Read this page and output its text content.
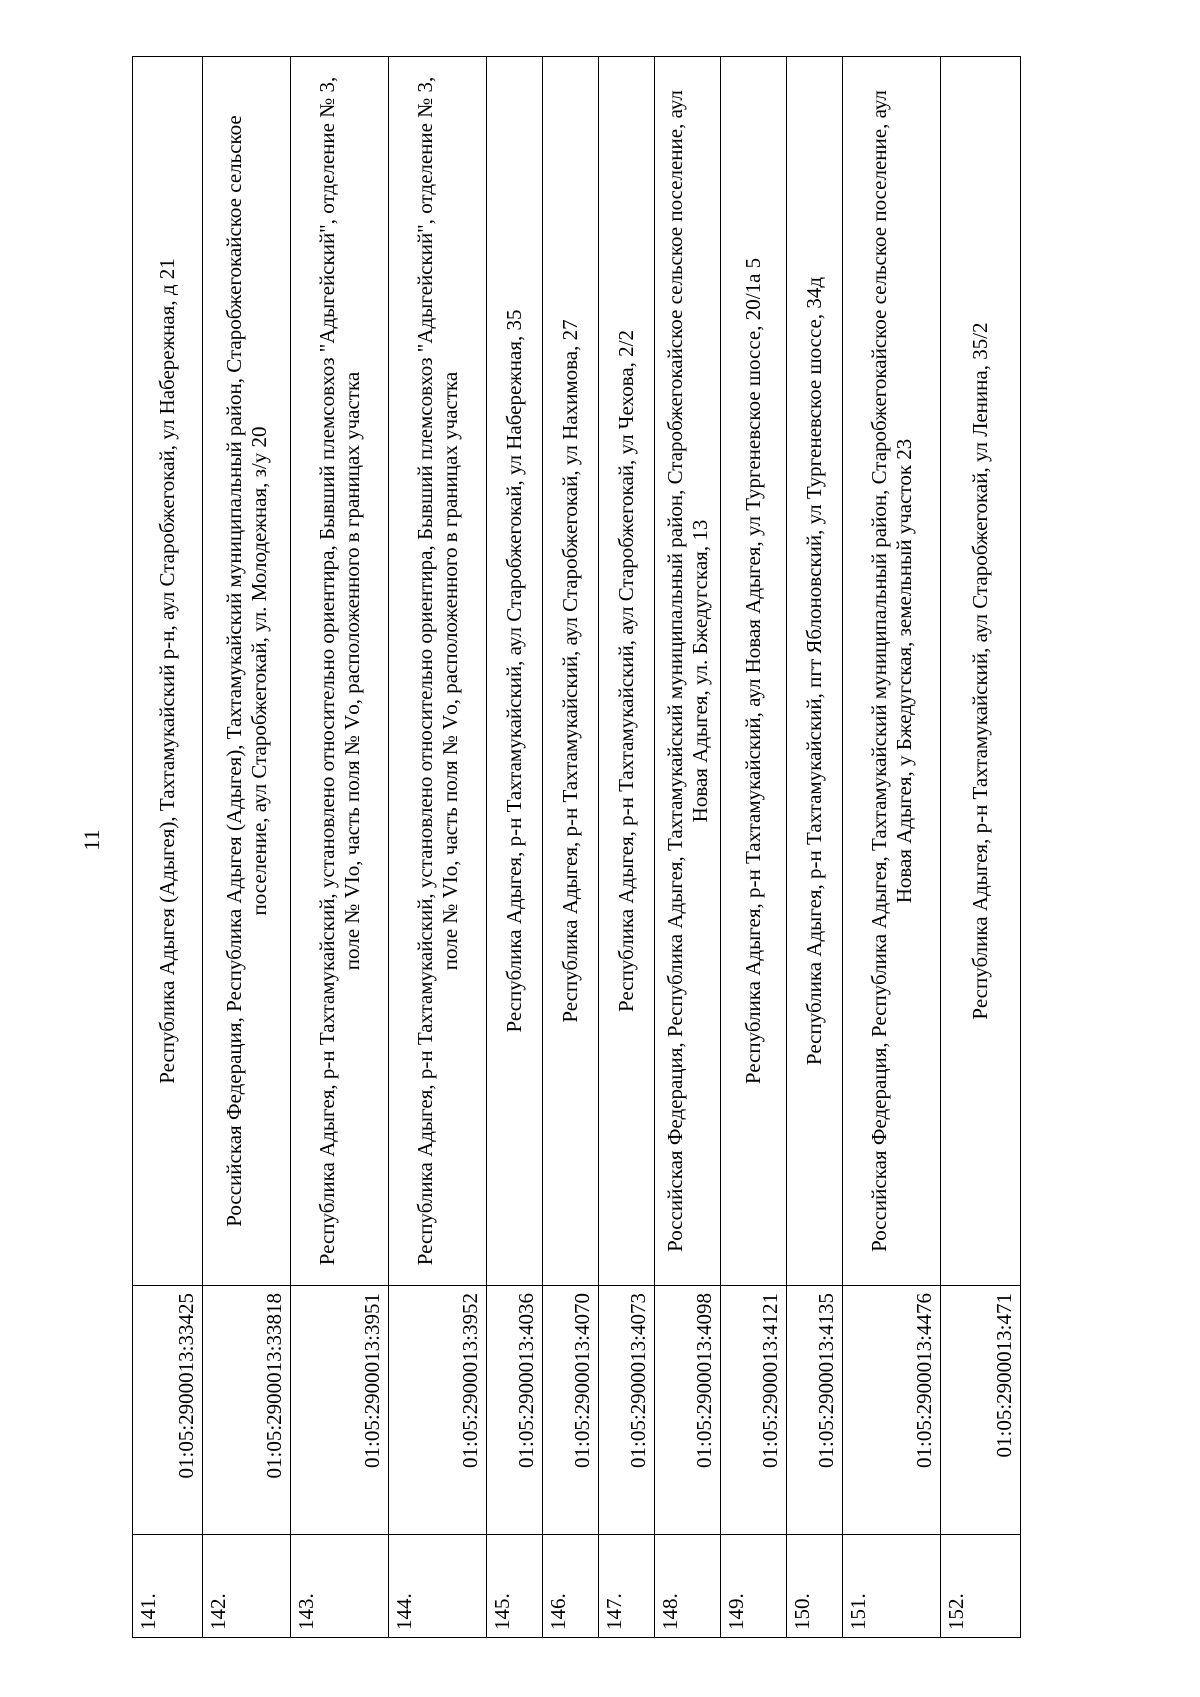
11
141.	01:05:2900013:33425	Республика Адыгея (Адыгея), Тахтамукайский р-н, аул Старобжегокай, ул Набережная, д 21
142.	01:05:2900013:33818	Российская Федерация, Республика Адыгея (Адыгея), Тахтамукайский муниципальный район, Старобжегокайское сельское поселение, аул Старобжегокай, ул. Молодежная, з/у 20
143.	01:05:2900013:3951	Республика Адыгея, р-н Тахтамукайский, установлено относительно ориентира, Бывший племсовхоз "Адыгейский", отделение № 3, поле № VIо, часть поля № Vо, расположенного в границах участка
144.	01:05:2900013:3952	Республика Адыгея, р-н Тахтамукайский, установлено относительно ориентира, Бывший племсовхоз "Адыгейский", отделение № 3, поле № VIо, часть поля № Vо, расположенного в границах участка
145.	01:05:2900013:4036	Республика Адыгея, р-н Тахтамукайский, аул Старобжегокай, ул Набережная, 35
146.	01:05:2900013:4070	Республика Адыгея, р-н Тахтамукайский, аул Старобжегокай, ул Нахимова, 27
147.	01:05:2900013:4073	Республика Адыгея, р-н Тахтамукайский, аул Старобжегокай, ул Чехова, 2/2
148.	01:05:2900013:4098	Российская Федерация, Республика Адыгея, Тахтамукайский муниципальный район, Старобжегокайское сельское поселение, аул Новая Адыгея, ул. Бжедугская, 13
149.	01:05:2900013:4121	Республика Адыгея, р-н Тахтамукайский, аул Новая Адыгея, ул Тургеневское шоссе, 20/1а 5
150.	01:05:2900013:4135	Республика Адыгея, р-н Тахтамукайский, пгт Яблоновский, ул Тургеневское шоссе, 34д
151.	01:05:2900013:4476	Российская Федерация, Республика Адыгея, Тахтамукайский муниципальный район, Старобжегокайское сельское поселение, аул Новая Адыгея, у Бжедугская, земельный участок 23
152.	01:05:2900013:471	Республика Адыгея, р-н Тахтамукайский, аул Старобжегокай, ул Ленина, 35/2
